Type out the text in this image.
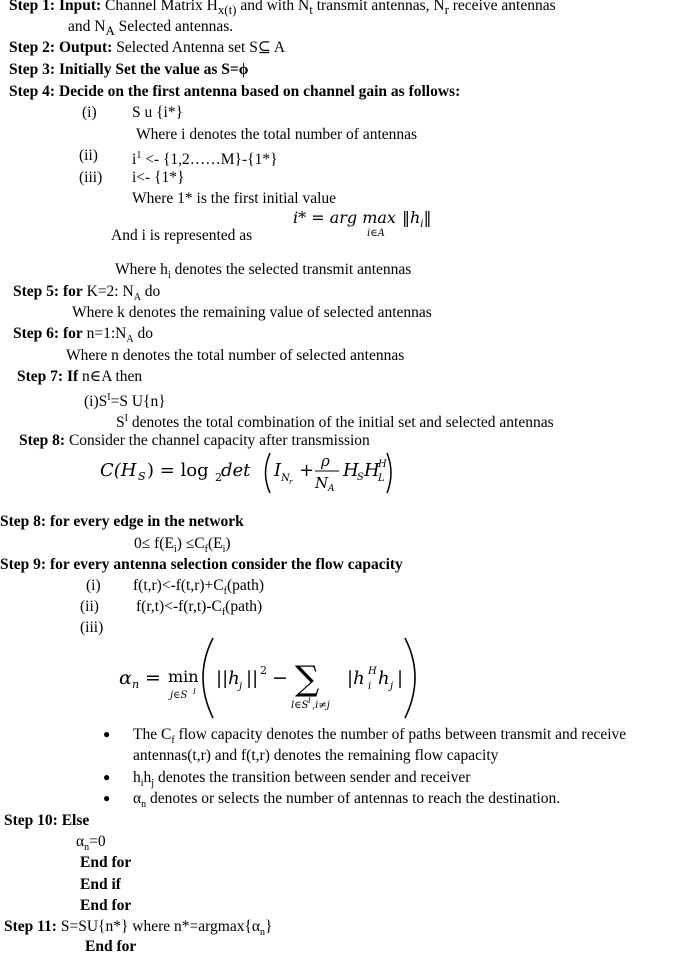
Step 1: Input: Channel Matrix $H_{x(t)}$ and with $N_t$ transmit antennas, $N_r$ receive antennas
and $N_A$ Selected antennas.
Step 2: Output: Selected Antenna set S⊆ A
Step 3: Initially Set the value as S=ϕ
Step 4: Decide on the first antenna based on channel gain as follows:
(i) S u {i*}
Where i denotes the total number of antennas
(ii) $i^1$ <- {1,2……M}-{1*}
(iii) i<- {1*}
Where 1* is the first initial value
And i is represented as
i* = arg max
i∈A
$‖h_i‖$
Where $h_i$ denotes the selected transmit antennas
Step 5: for K=2: $N_A$ do
Where k denotes the remaining value of selected antennas
Step 6: for $n=1:N_A$ do
Where n denotes the total number of selected antennas
Step 7: If n∈A then
$(i)S^I=S$ U{n}
$S^I$ denotes the total combination of the initial set and selected antennas
Step 8: Consider the channel capacity after transmission
C(H S ) = log 2 det I N r
+ ρ
N A
H
S H
L
H
Step 8: for every edge in the network
$0\le f(E_i) \le C_f(E_i)$
Step 9: for every antenna selection consider the flow capacity
(i) $f(t,r)<-f(t,r)+C_f(path)$
(ii) $f(r,t)<-f(r,t)-C_f(path)$
(iii)
α n = min
j∈S I
||h j || 2 − ∑
l∈S I ,i≠j
|h i
H h j |
● The $C_f$ flow capacity denotes the number of paths between transmit and receive
antennas(t,r) and f(t,r) denotes the remaining flow capacity
● $h_ih_j$ denotes the transition between sender and receiver
● $\alpha_n$ denotes or selects the number of antennas to reach the destination.
Step 10: Else
$\alpha_n=0$
End for
End if
End for
Step 11: S=SU{n*} where $n*=argmax\{\alpha_n\}$
End for
